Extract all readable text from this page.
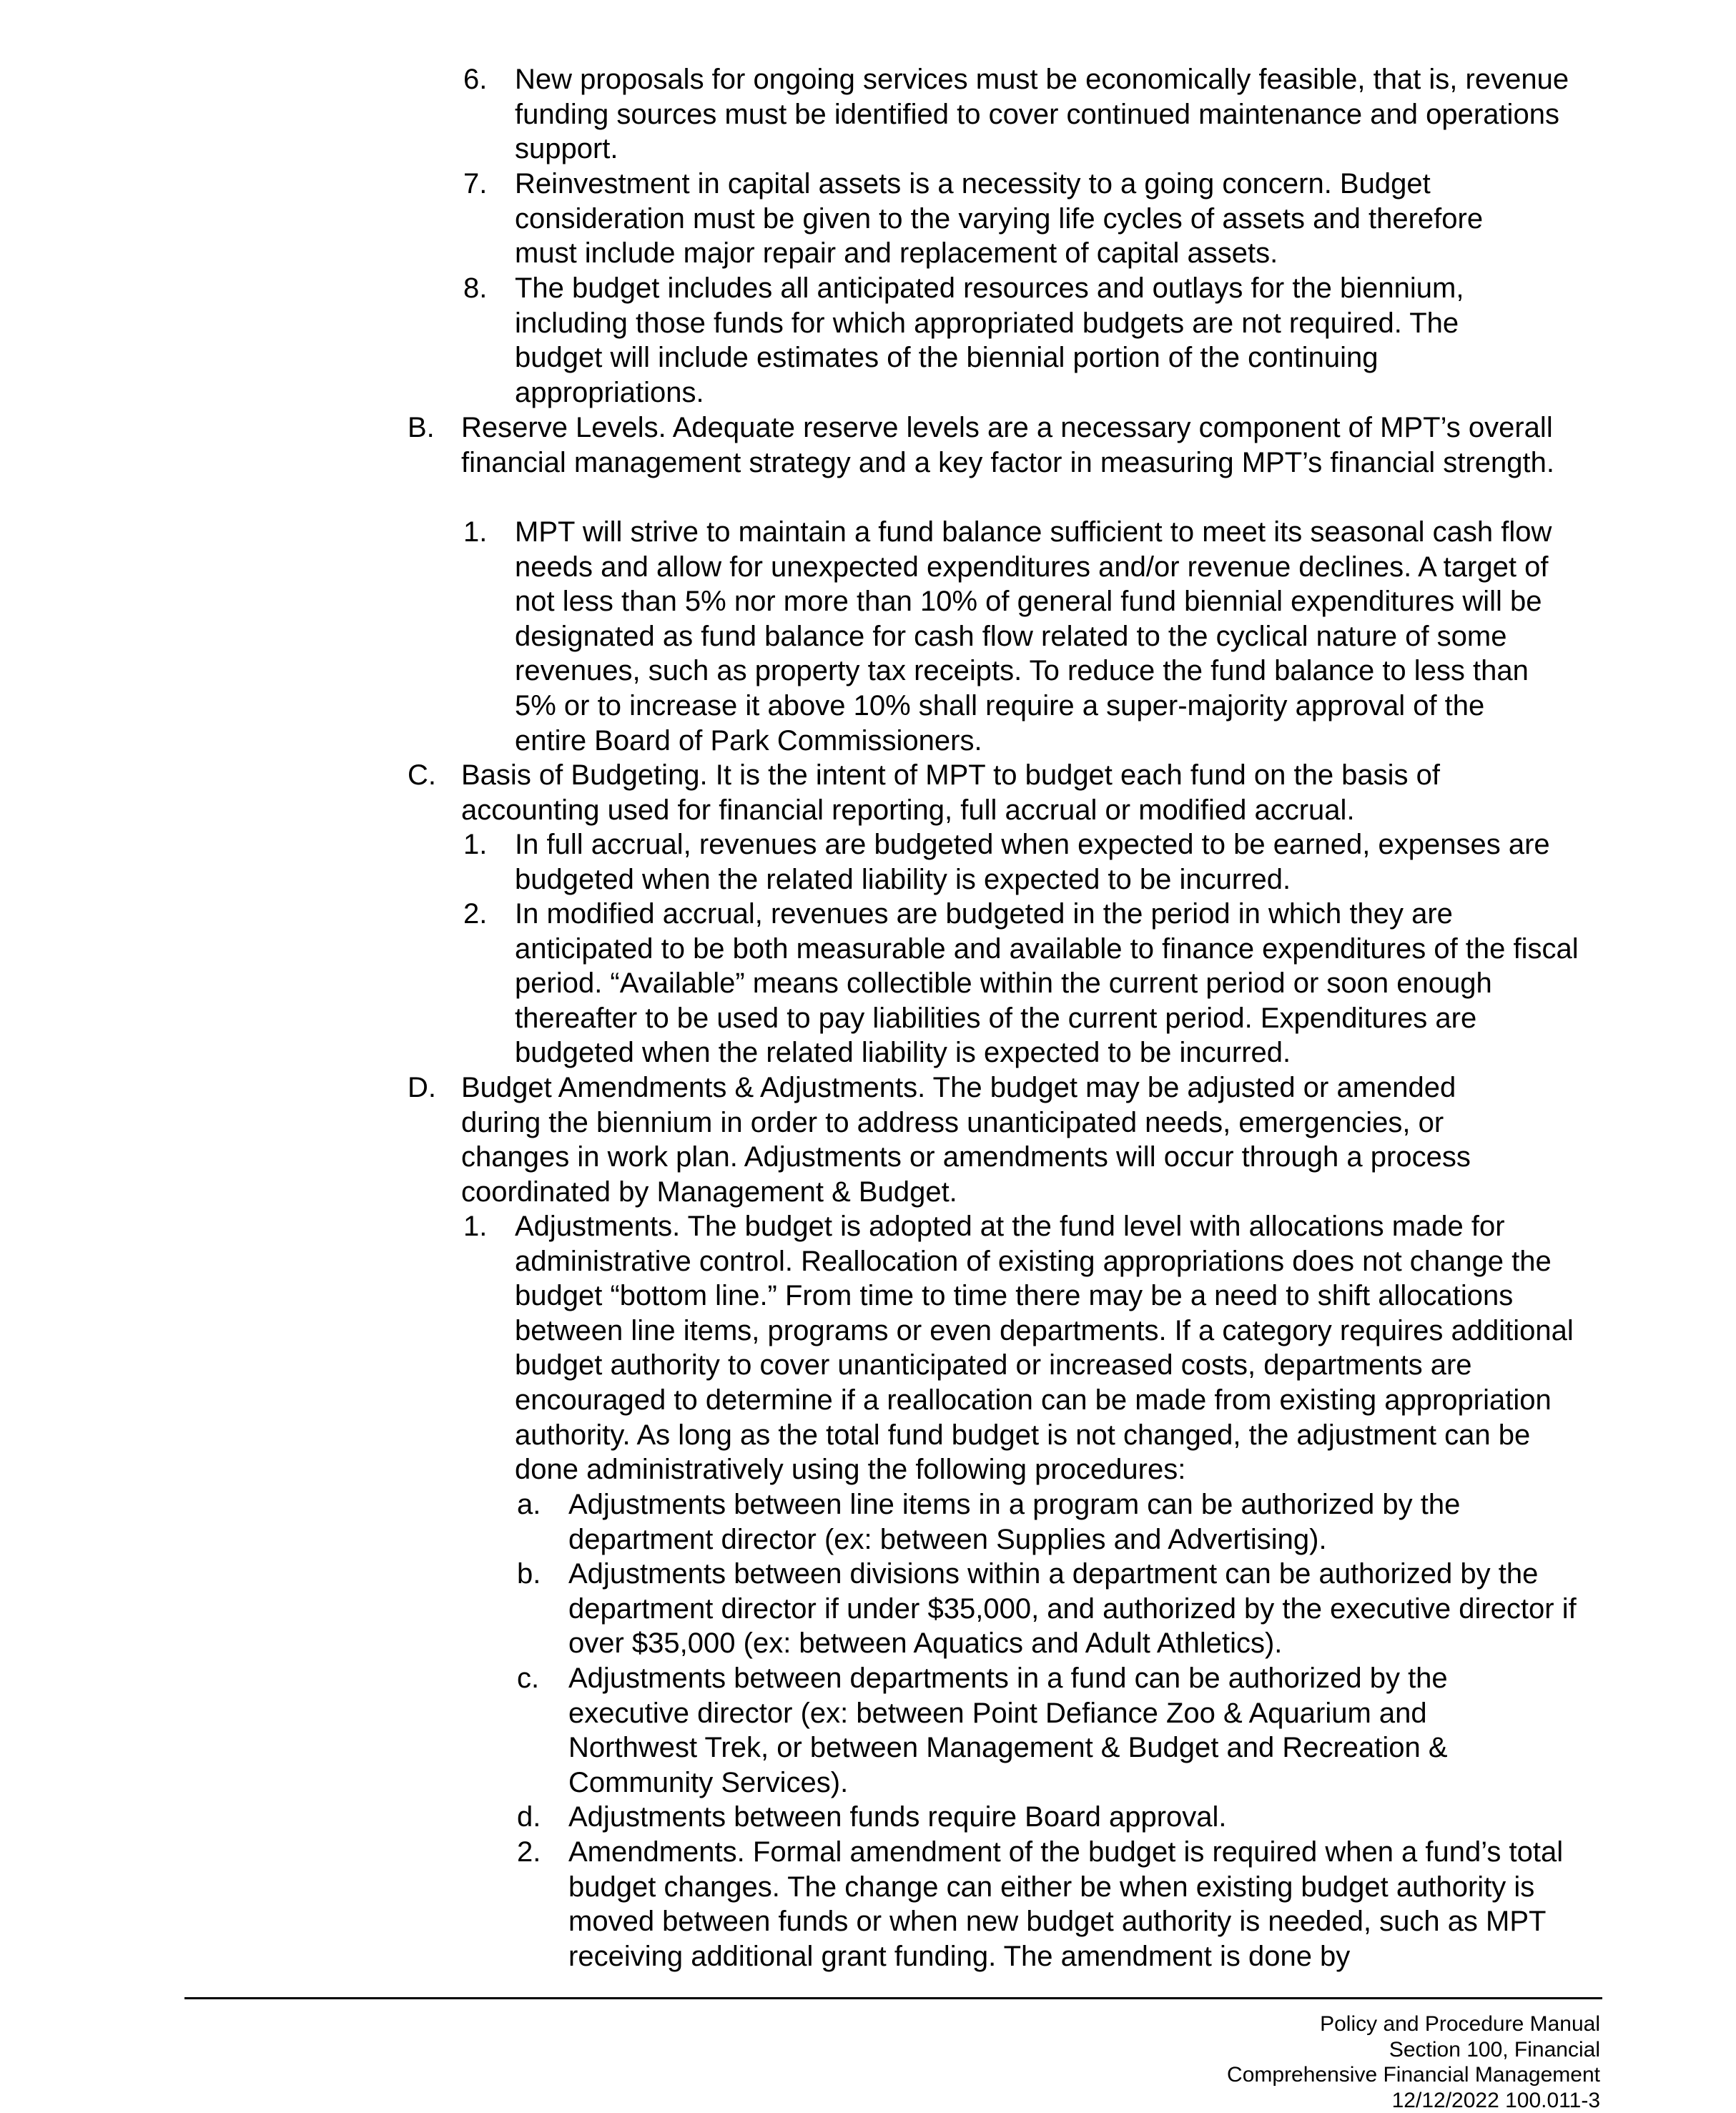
6. New proposals for ongoing services must be economically feasible, that is, revenue funding sources must be identified to cover continued maintenance and operations support.
7. Reinvestment in capital assets is a necessity to a going concern. Budget consideration must be given to the varying life cycles of assets and therefore must include major repair and replacement of capital assets.
8. The budget includes all anticipated resources and outlays for the biennium, including those funds for which appropriated budgets are not required. The budget will include estimates of the biennial portion of the continuing appropriations.
B. Reserve Levels. Adequate reserve levels are a necessary component of MPT’s overall financial management strategy and a key factor in measuring MPT’s financial strength.
1. MPT will strive to maintain a fund balance sufficient to meet its seasonal cash flow needs and allow for unexpected expenditures and/or revenue declines. A target of not less than 5% nor more than 10% of general fund biennial expenditures will be designated as fund balance for cash flow related to the cyclical nature of some revenues, such as property tax receipts. To reduce the fund balance to less than 5% or to increase it above 10% shall require a super-majority approval of the entire Board of Park Commissioners.
C. Basis of Budgeting. It is the intent of MPT to budget each fund on the basis of accounting used for financial reporting, full accrual or modified accrual.
1. In full accrual, revenues are budgeted when expected to be earned, expenses are budgeted when the related liability is expected to be incurred.
2. In modified accrual, revenues are budgeted in the period in which they are anticipated to be both measurable and available to finance expenditures of the fiscal period. “Available” means collectible within the current period or soon enough thereafter to be used to pay liabilities of the current period. Expenditures are budgeted when the related liability is expected to be incurred.
D. Budget Amendments & Adjustments. The budget may be adjusted or amended during the biennium in order to address unanticipated needs, emergencies, or changes in work plan. Adjustments or amendments will occur through a process coordinated by Management & Budget.
1. Adjustments. The budget is adopted at the fund level with allocations made for administrative control. Reallocation of existing appropriations does not change the budget “bottom line.” From time to time there may be a need to shift allocations between line items, programs or even departments. If a category requires additional budget authority to cover unanticipated or increased costs, departments are encouraged to determine if a reallocation can be made from existing appropriation authority. As long as the total fund budget is not changed, the adjustment can be done administratively using the following procedures:
a. Adjustments between line items in a program can be authorized by the department director (ex: between Supplies and Advertising).
b. Adjustments between divisions within a department can be authorized by the department director if under $35,000, and authorized by the executive director if over $35,000 (ex: between Aquatics and Adult Athletics).
c. Adjustments between departments in a fund can be authorized by the executive director (ex: between Point Defiance Zoo & Aquarium and Northwest Trek, or between Management & Budget and Recreation & Community Services).
d. Adjustments between funds require Board approval.
2. Amendments. Formal amendment of the budget is required when a fund’s total budget changes. The change can either be when existing budget authority is moved between funds or when new budget authority is needed, such as MPT receiving additional grant funding. The amendment is done by
Policy and Procedure Manual
Section 100, Financial
Comprehensive Financial Management
12/12/2022 100.011-3
